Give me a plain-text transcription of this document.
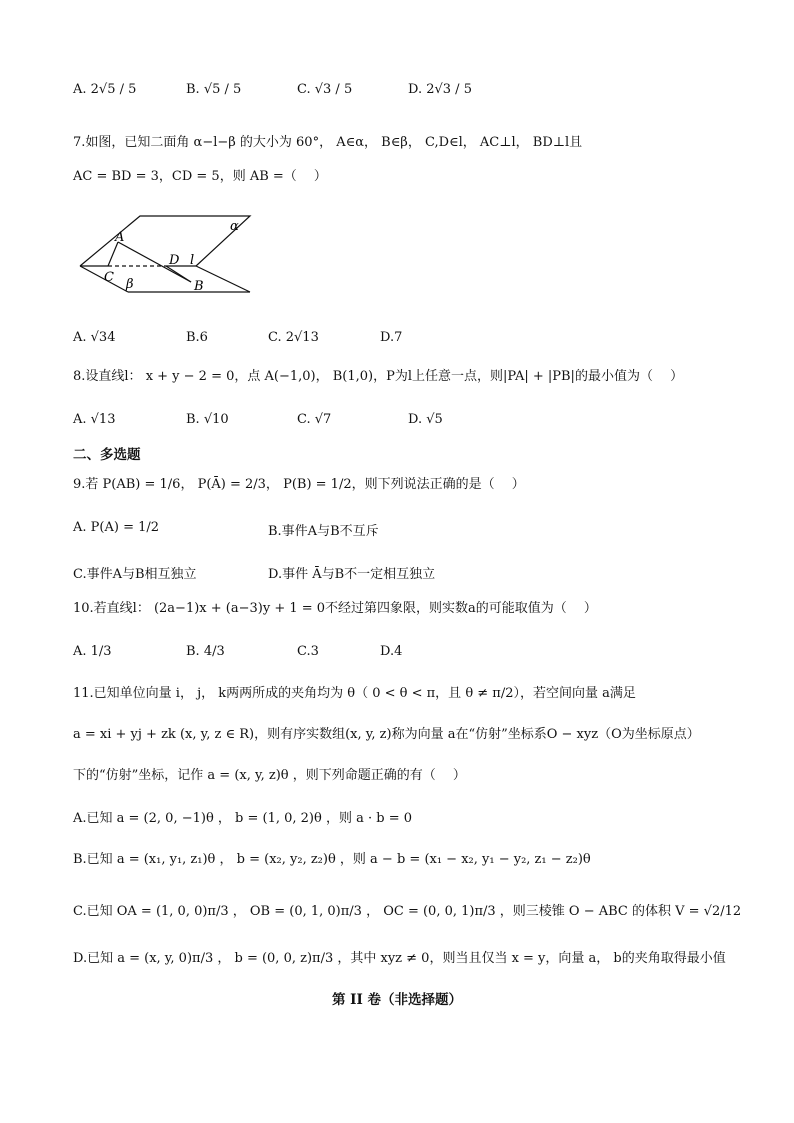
A. 2√5 / 5	B. √5 / 5	C. √3 / 5	D. 2√3 / 5
7.如图，已知二面角 α−l−β 的大小为 60°， A∈α， B∈β， C,D∈l， AC⊥l， BD⊥l且
AC = BD = 3，CD = 5，则 AB =（　 ）
α
A
C
D l
β	B
A. √34	B.6	C. 2√13	D.7
8.设直线l： x + y − 2 = 0，点 A(−1,0)， B(1,0)，P为l上任意一点，则|PA| + |PB|的最小值为（　 ）
A. √13	B. √10	C. √7	D. √5
二、多选题
9.若 P(AB) = 1/6， P(Ā) = 2/3， P(B) = 1/2，则下列说法正确的是（　 ）
A. P(A) = 1/2	B.事件A与B不互斥
C.事件A与B相互独立	D.事件 Ā与B不一定相互独立
10.若直线l： (2a−1)x + (a−3)y + 1 = 0不经过第四象限，则实数a的可能取值为（　 ）
A. 1/3	B. 4/3	C.3	D.4
11.已知单位向量 i， j， k两两所成的夹角均为 θ（ 0 < θ < π，且 θ ≠ π/2），若空间向量 a满足
a = xi + yj + zk (x, y, z ∈ R)，则有序实数组(x, y, z)称为向量 a在“仿射”坐标系O − xyz（O为坐标原点）
下的“仿射”坐标，记作 a = (x, y, z)θ ，则下列命题正确的有（　 ）
A.已知 a = (2, 0, −1)θ ， b = (1, 0, 2)θ ，则 a · b = 0
B.已知 a = (x₁, y₁, z₁)θ ， b = (x₂, y₂, z₂)θ ，则 a − b = (x₁ − x₂, y₁ − y₂, z₁ − z₂)θ
C.已知 OA = (1, 0, 0)π/3 ， OB = (0, 1, 0)π/3 ， OC = (0, 0, 1)π/3 ，则三棱锥 O − ABC 的体积 V = √2/12
D.已知 a = (x, y, 0)π/3 ， b = (0, 0, z)π/3 ，其中 xyz ≠ 0，则当且仅当 x = y，向量 a， b的夹角取得最小值
第 II 卷（非选择题）
